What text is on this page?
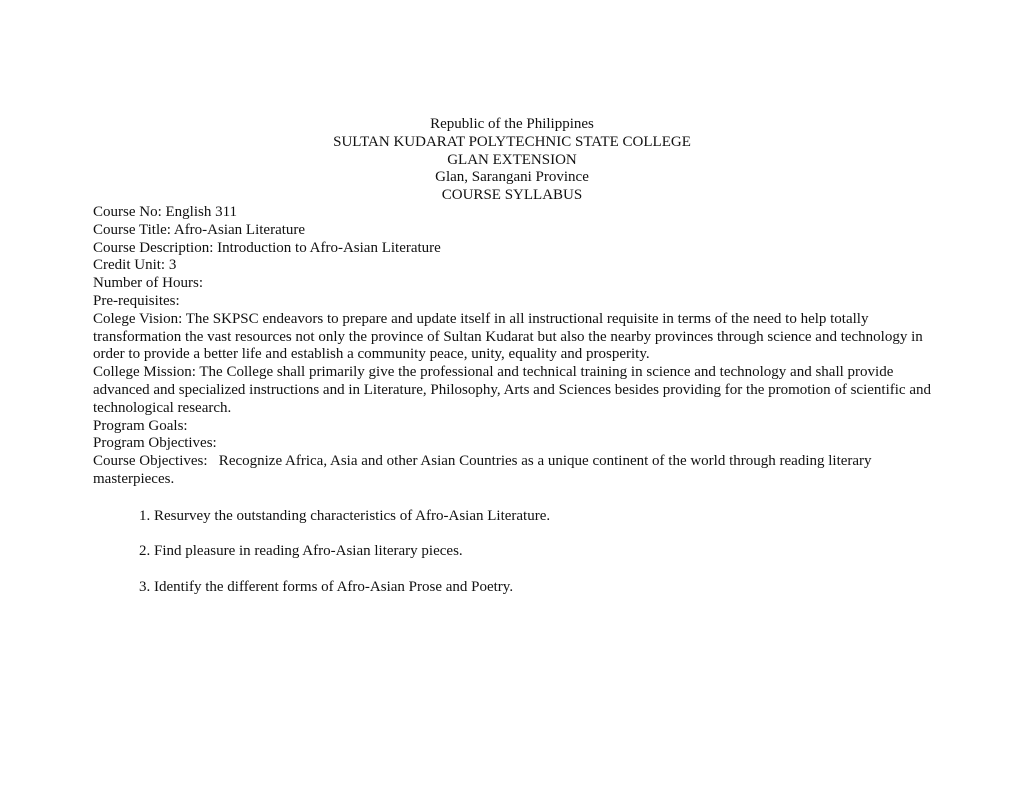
Republic of the Philippines
SULTAN KUDARAT POLYTECHNIC STATE COLLEGE
GLAN EXTENSION
Glan, Sarangani Province
COURSE SYLLABUS

Course No: English 311

Course Title: Afro-Asian Literature

Course Description: Introduction to Afro-Asian Literature

Credit Unit: 3

Number of Hours:

Pre-requisites:

Colege Vision: The SKPSC endeavors to prepare and update itself in all instructional requisite in terms of the need to help totally transformation the vast resources not only the province of Sultan Kudarat but also the nearby provinces through science and technology in order to provide a better life and establish a community peace, unity, equality and prosperity.

College Mission: The College shall primarily give the professional and technical training in science and technology and shall provide advanced and specialized instructions and in Literature, Philosophy, Arts and Sciences besides providing for the promotion of scientific and technological research.

Program Goals:

Program Objectives:

Course Objectives:   Recognize Africa, Asia and other Asian Countries as a unique continent of the world through reading literary masterpieces.

1. Resurvey the outstanding characteristics of Afro-Asian Literature.

2. Find pleasure in reading Afro-Asian literary pieces.

3. Identify the different forms of Afro-Asian Prose and Poetry.
